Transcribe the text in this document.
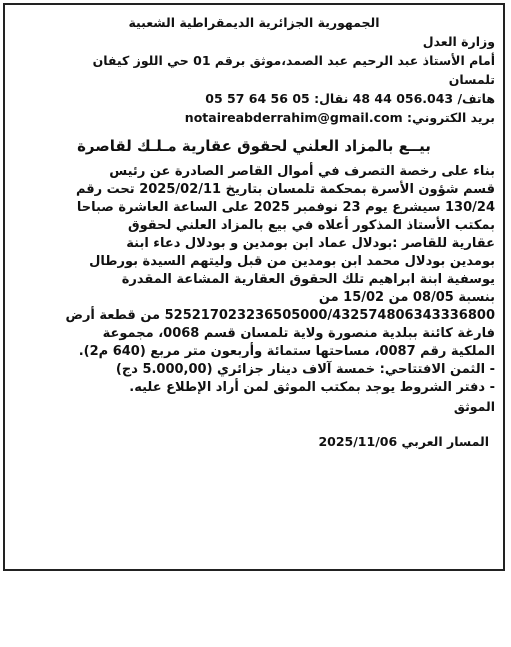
الجمهورية الجزائرية الديمقراطية الشعبية
وزارة العدل
أمام الأستاذ عبد الرحيم عبد الصمد،موثق برقم 01 حي اللوز كيفان
تلمسان
هاتف/ 056.043 44 48 نقال: 05 56 64 57 05
بريد الكتروني: notaireabderrahim@gmail.com
بيــع بالمزاد العلني لحقوق عقارية مـلـك لقاصرة
بناء على رخصة التصرف في أموال القاصر الصادرة عن رئيس
قسم شؤون الأسرة بمحكمة تلمسان بتاريخ 2025/02/11 تحت رقم
130/24 سيشرع يوم 23 نوفمبر 2025 على الساعة العاشرة صباحا
بمكتب الأستاذ المذكور أعلاه في بيع بالمزاد العلني لحقوق
عقارية للقاصر :بودلال عماد ابن بومدين و بودلال دعاء ابنة
بومدين بودلال محمد ابن بومدين من قبل وليتهم السيدة بورطال
يوسفية ابنة ابراهيم تلك الحقوق العقارية المشاعة المقدرة
بنسبة 08/05 من 15/02 من
525217023236505000/432574806343336800 من قطعة أرض
فارغة كائنة ببلدية منصورة ولاية تلمسان قسم 0068، مجموعة
الملكية رقم 0087، مساحتها ستمائة وأربعون متر مربع (640 م2).
- الثمن الافتتاحي: خمسة آلاف دينار جزائري (5.000,00 دج)
- دفتر الشروط يوجد بمكتب الموثق لمن أراد الإطلاع عليه.
الموثق
المسار العربي 2025/11/06
